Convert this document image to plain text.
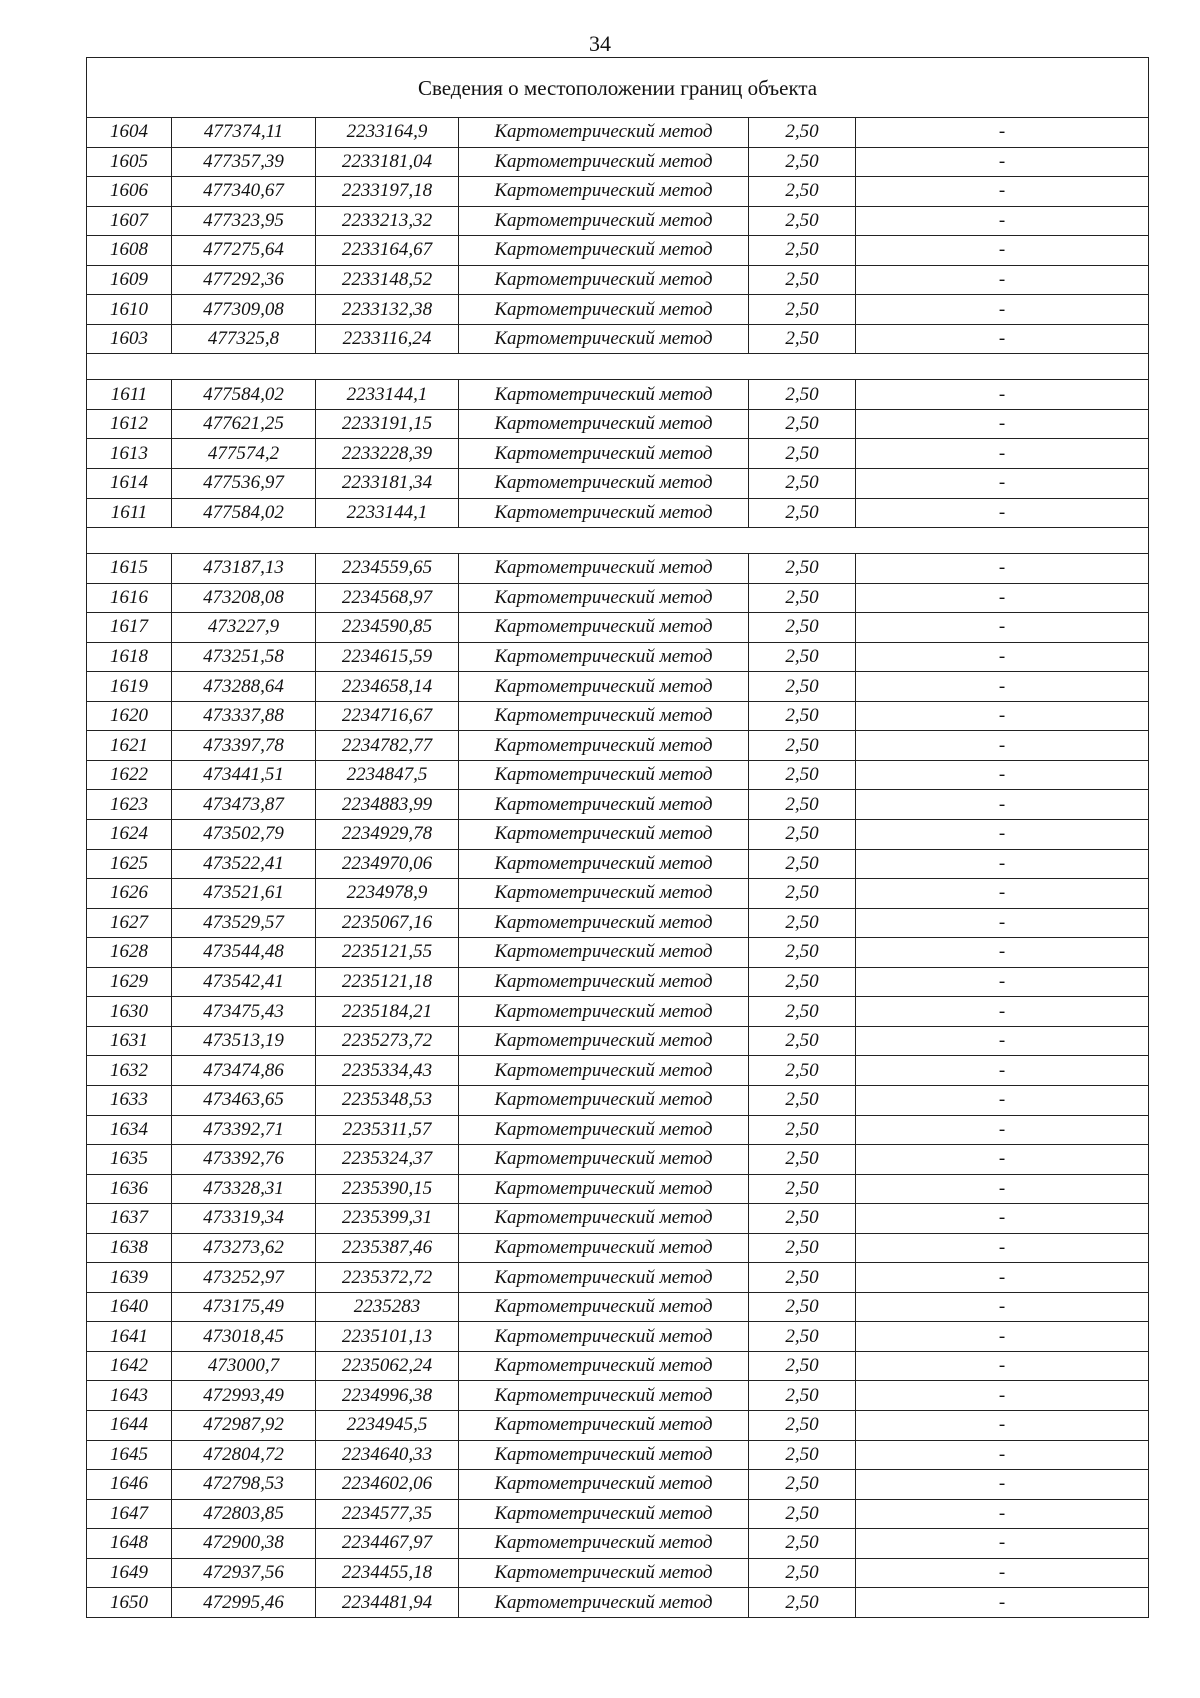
34
Сведения о местоположении границ объекта					
1604	477374,11	2233164,9	Картометрический метод	2,50	-
1605	477357,39	2233181,04	Картометрический метод	2,50	-
1606	477340,67	2233197,18	Картометрический метод	2,50	-
1607	477323,95	2233213,32	Картометрический метод	2,50	-
1608	477275,64	2233164,67	Картометрический метод	2,50	-
1609	477292,36	2233148,52	Картометрический метод	2,50	-
1610	477309,08	2233132,38	Картометрический метод	2,50	-
1603	477325,8	2233116,24	Картометрический метод	2,50	-

1611	477584,02	2233144,1	Картометрический метод	2,50	-
1612	477621,25	2233191,15	Картометрический метод	2,50	-
1613	477574,2	2233228,39	Картометрический метод	2,50	-
1614	477536,97	2233181,34	Картометрический метод	2,50	-
1611	477584,02	2233144,1	Картометрический метод	2,50	-

1615	473187,13	2234559,65	Картометрический метод	2,50	-
1616	473208,08	2234568,97	Картометрический метод	2,50	-
1617	473227,9	2234590,85	Картометрический метод	2,50	-
1618	473251,58	2234615,59	Картометрический метод	2,50	-
1619	473288,64	2234658,14	Картометрический метод	2,50	-
1620	473337,88	2234716,67	Картометрический метод	2,50	-
1621	473397,78	2234782,77	Картометрический метод	2,50	-
1622	473441,51	2234847,5	Картометрический метод	2,50	-
1623	473473,87	2234883,99	Картометрический метод	2,50	-
1624	473502,79	2234929,78	Картометрический метод	2,50	-
1625	473522,41	2234970,06	Картометрический метод	2,50	-
1626	473521,61	2234978,9	Картометрический метод	2,50	-
1627	473529,57	2235067,16	Картометрический метод	2,50	-
1628	473544,48	2235121,55	Картометрический метод	2,50	-
1629	473542,41	2235121,18	Картометрический метод	2,50	-
1630	473475,43	2235184,21	Картометрический метод	2,50	-
1631	473513,19	2235273,72	Картометрический метод	2,50	-
1632	473474,86	2235334,43	Картометрический метод	2,50	-
1633	473463,65	2235348,53	Картометрический метод	2,50	-
1634	473392,71	2235311,57	Картометрический метод	2,50	-
1635	473392,76	2235324,37	Картометрический метод	2,50	-
1636	473328,31	2235390,15	Картометрический метод	2,50	-
1637	473319,34	2235399,31	Картометрический метод	2,50	-
1638	473273,62	2235387,46	Картометрический метод	2,50	-
1639	473252,97	2235372,72	Картометрический метод	2,50	-
1640	473175,49	2235283	Картометрический метод	2,50	-
1641	473018,45	2235101,13	Картометрический метод	2,50	-
1642	473000,7	2235062,24	Картометрический метод	2,50	-
1643	472993,49	2234996,38	Картометрический метод	2,50	-
1644	472987,92	2234945,5	Картометрический метод	2,50	-
1645	472804,72	2234640,33	Картометрический метод	2,50	-
1646	472798,53	2234602,06	Картометрический метод	2,50	-
1647	472803,85	2234577,35	Картометрический метод	2,50	-
1648	472900,38	2234467,97	Картометрический метод	2,50	-
1649	472937,56	2234455,18	Картометрический метод	2,50	-
1650	472995,46	2234481,94	Картометрический метод	2,50	-
